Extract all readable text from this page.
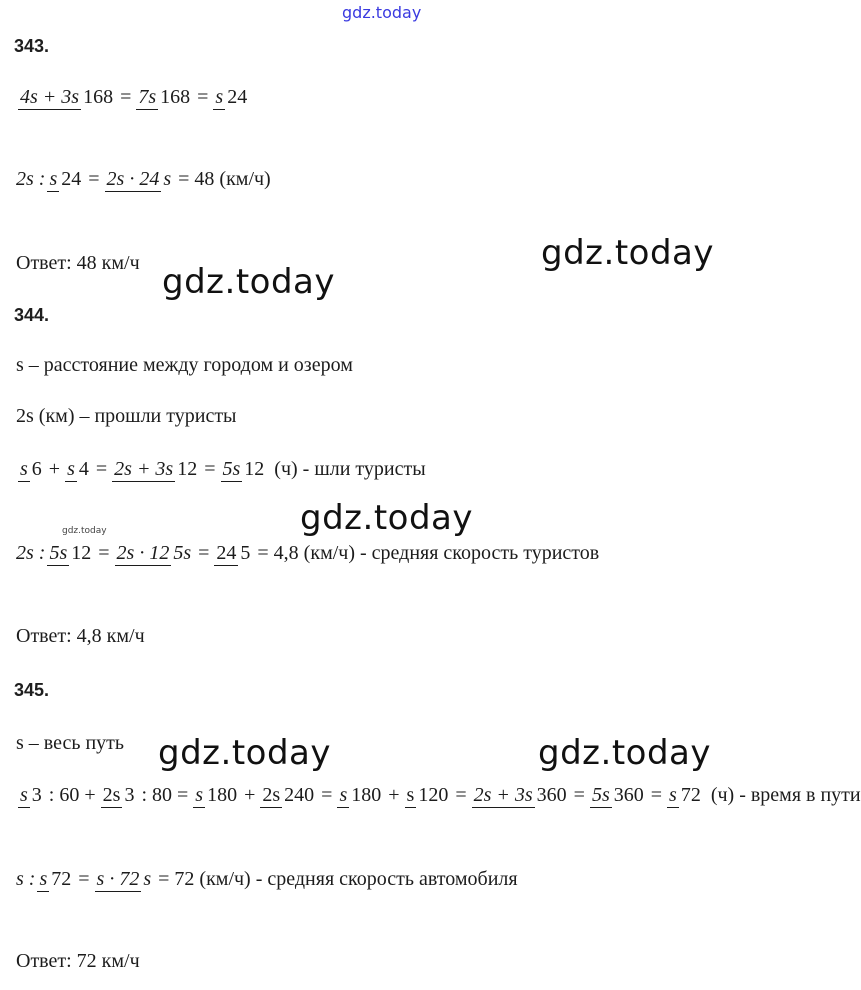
gdz.today
gdz.today
gdz.today
gdz.today
gdz.today	gdz.today
gdz.today
343.
4s + 3s 168 = 7s 168 = s 24
2s : s 24 = 2s · 24 s = 48 (км/ч)
Ответ: 48 км/ч
344.
s – расстояние между городом и озером
2s (км) – прошли туристы
s 6 + s 4 = 2s + 3s 12 = 5s 12 (ч) - шли туристы
2s : 5s 12 = 2s · 12 5s = 24 5 = 4,8 (км/ч) - средняя скорость туристов
Ответ: 4,8 км/ч
345.
s – весь путь
s 3 : 60 + 2s 3 : 80 = s 180 + 2s 240 = s 180 + s 120 = 2s + 3s 360 = 5s 360 = s 72 (ч) - время в пути
s : s 72 = s · 72 s = 72 (км/ч) - средняя скорость автомобиля
Ответ: 72 км/ч
